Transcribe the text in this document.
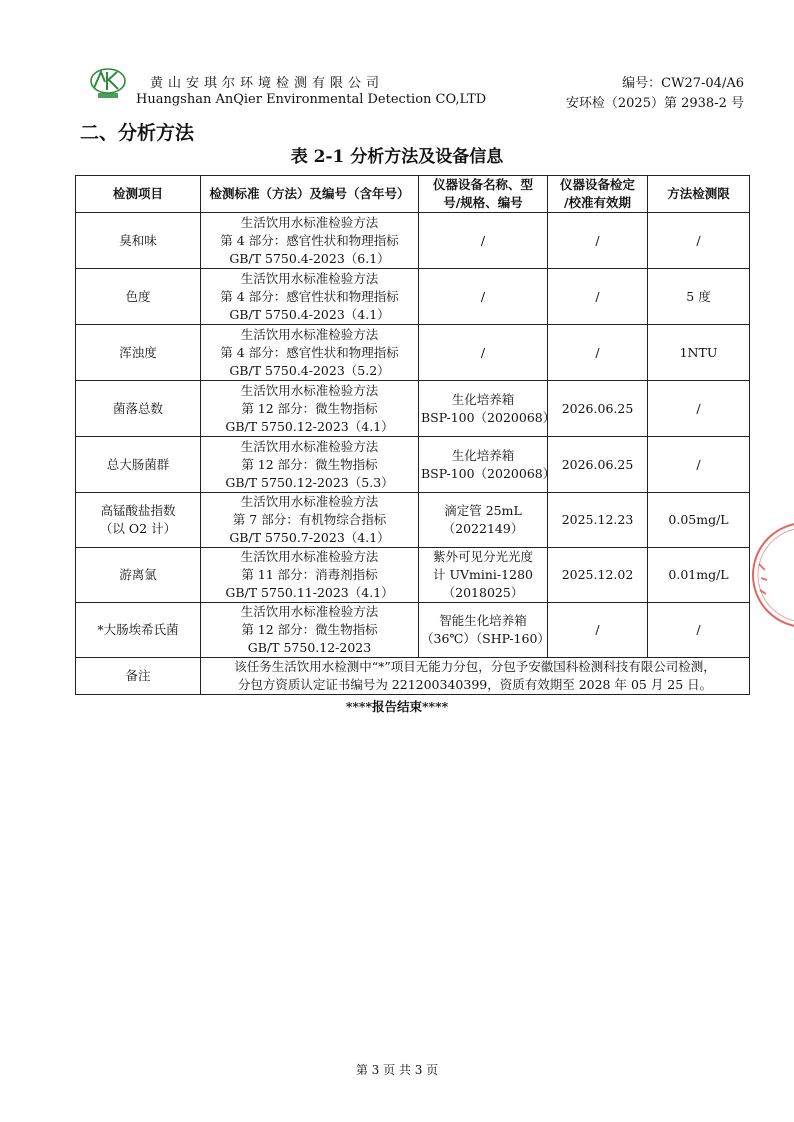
黄山安琪尔环境检测有限公司
Huangshan AnQier Environmental Detection CO,LTD
编号：CW27-04/A6
安环检（2025）第 2938-2 号
二、分析方法
表 2-1 分析方法及设备信息
检测项目	检测标准（方法）及编号（含年号）	仪器设备名称、型
号/规格、编号	仪器设备检定
/校准有效期	方法检测限

臭和味	生活饮用水标准检验方法
第 4 部分：感官性状和物理指标
GB/T 5750.4-2023（6.1）	/	/	/

色度	生活饮用水标准检验方法
第 4 部分：感官性状和物理指标
GB/T 5750.4-2023（4.1）	/	/	5 度

浑浊度	生活饮用水标准检验方法
第 4 部分：感官性状和物理指标
GB/T 5750.4-2023（5.2）	/	/	1NTU

菌落总数	生活饮用水标准检验方法
第 12 部分：微生物指标
GB/T 5750.12-2023（4.1）	生化培养箱
BSP-100（2020068）	2026.06.25	/

总大肠菌群	生活饮用水标准检验方法
第 12 部分：微生物指标
GB/T 5750.12-2023（5.3）	生化培养箱
BSP-100（2020068）	2026.06.25	/

高锰酸盐指数
（以 O2 计）	生活饮用水标准检验方法
第 7 部分：有机物综合指标
GB/T 5750.7-2023（4.1）	滴定管 25mL
（2022149）	2025.12.23	0.05mg/L

游离氯	生活饮用水标准检验方法
第 11 部分：消毒剂指标
GB/T 5750.11-2023（4.1）	紫外可见分光光度
计 UVmini-1280
（2018025）	2025.12.02	0.01mg/L

*大肠埃希氏菌	生活饮用水标准检验方法
第 12 部分：微生物指标
GB/T 5750.12-2023	智能生化培养箱
（36℃）（SHP-160）	/	/
备注	该任务生活饮用水检测中“*”项目无能力分包，分包予安徽国科检测科技有限公司检测，
分包方资质认定证书编号为 221200340399，资质有效期至 2028 年 05 月 25 日。			
****报告结束****
第 3 页 共 3 页
